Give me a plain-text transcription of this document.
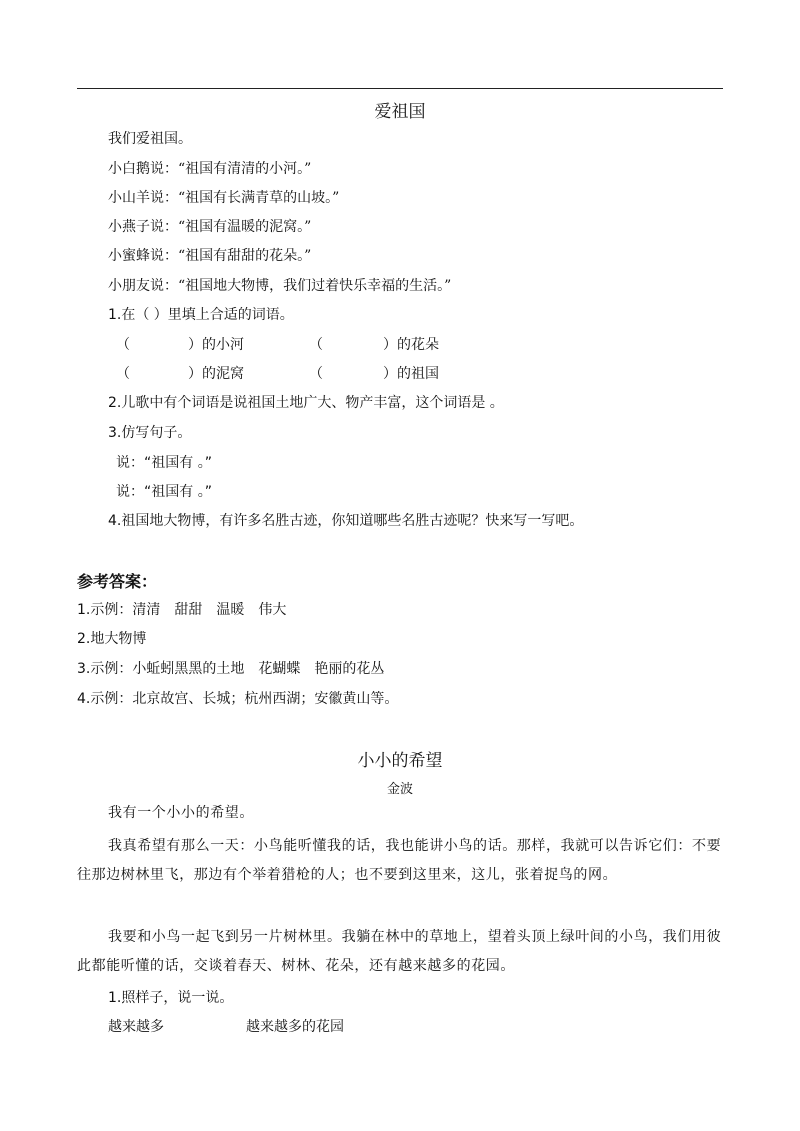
爱祖国
我们爱祖国。
小白鹅说：“祖国有清清的小河。”
小山羊说：“祖国有长满青草的山坡。”
小燕子说：“祖国有温暖的泥窝。”
小蜜蜂说：“祖国有甜甜的花朵。”
小朋友说：“祖国地大物博，我们过着快乐幸福的生活。”
1.在（ ）里填上合适的词语。
（	）的小河	（	）的花朵
（	）的泥窝	（	）的祖国
2.儿歌中有个词语是说祖国土地广大、物产丰富，这个词语是 。
3.仿写句子。
说：“祖国有 。”
说：“祖国有 。”
4.祖国地大物博，有许多名胜古迹，你知道哪些名胜古迹呢？快来写一写吧。
参考答案：
1.示例：清清　甜甜　温暖　伟大
2.地大物博
3.示例：小蚯蚓黑黑的土地　花蝴蝶　艳丽的花丛
4.示例：北京故宫、长城；杭州西湖；安徽黄山等。
小小的希望
金波
我有一个小小的希望。
我真希望有那么一天：小鸟能听懂我的话，我也能讲小鸟的话。那样，我就可以告诉它们：不要往那边树林里飞，那边有个举着猎枪的人；也不要到这里来，这儿，张着捉鸟的网。
我要和小鸟一起飞到另一片树林里。我躺在林中的草地上，望着头顶上绿叶间的小鸟，我们用彼此都能听懂的话，交谈着春天、树林、花朵，还有越来越多的花园。
1.照样子，说一说。
越来越多	越来越多的花园
